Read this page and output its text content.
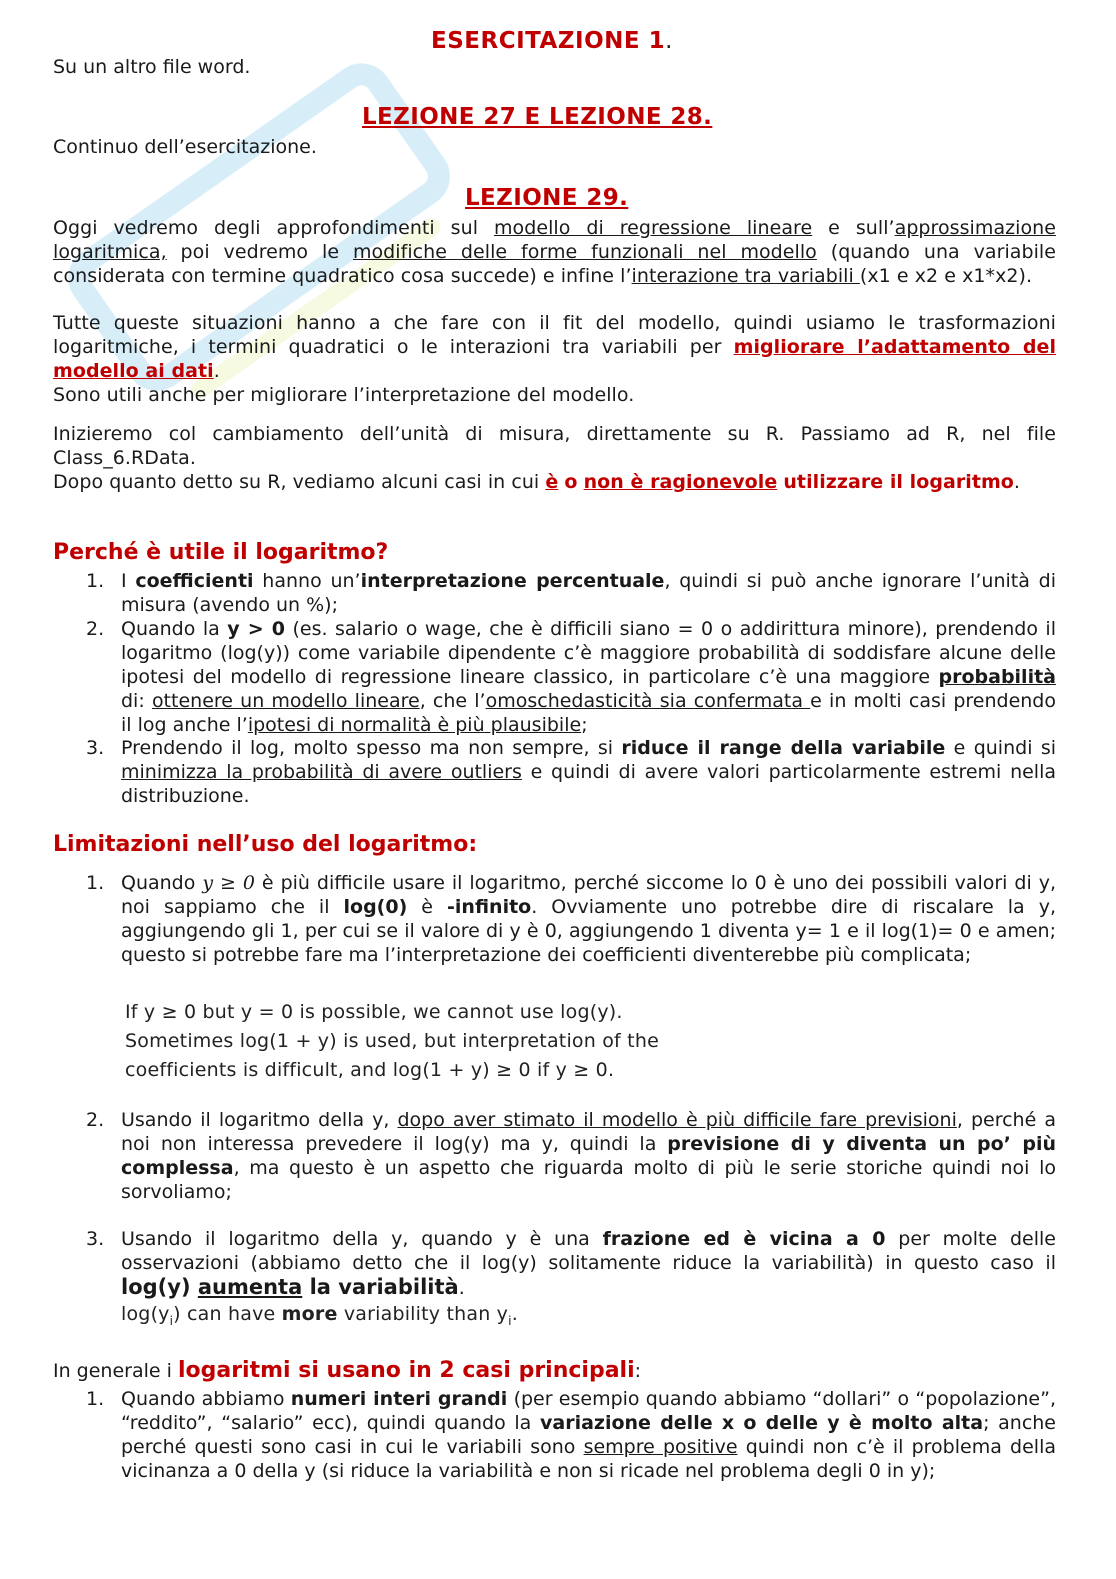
ESERCITAZIONE 1.
Su un altro file word.
LEZIONE 27 E LEZIONE 28.
Continuo dell’esercitazione.
LEZIONE 29.

Oggi vedremo degli approfondimenti sul modello di regressione lineare e sull’approssimazione logaritmica, poi vedremo le modifiche delle forme funzionali nel modello (quando una variabile considerata con termine quadratico cosa succede) e infine l’interazione tra variabili (x1 e x2 e x1*x2).

Tutte queste situazioni hanno a che fare con il fit del modello, quindi usiamo le trasformazioni logaritmiche, i termini quadratici o le interazioni tra variabili per migliorare l’adattamento del modello ai dati.

Sono utili anche per migliorare l’interpretazione del modello.

Inizieremo col cambiamento dell’unità di misura, direttamente su R. Passiamo ad R, nel file Class_6.RData.

Dopo quanto detto su R, vediamo alcuni casi in cui è o non è ragionevole utilizzare il logaritmo.

Perché è utile il logaritmo?
1. I coefficienti hanno un’interpretazione percentuale, quindi si può anche ignorare l’unità di misura (avendo un %);
2. Quando la y > 0 (es. salario o wage, che è difficili siano = 0 o addirittura minore), prendendo il logaritmo (log(y)) come variabile dipendente c’è maggiore probabilità di soddisfare alcune delle ipotesi del modello di regressione lineare classico, in particolare c’è una maggiore probabilità di: ottenere un modello lineare, che l’omoschedasticità sia confermata e in molti casi prendendo il log anche l’ipotesi di normalità è più plausibile;
3. Prendendo il log, molto spesso ma non sempre, si riduce il range della variabile e quindi si minimizza la probabilità di avere outliers e quindi di avere valori particolarmente estremi nella distribuzione.
Limitazioni nell’uso del logaritmo:
1. Quando y ≥ 0 è più difficile usare il logaritmo, perché siccome lo 0 è uno dei possibili valori di y, noi sappiamo che il log(0) è -infinito. Ovviamente uno potrebbe dire di riscalare la y, aggiungendo gli 1, per cui se il valore di y è 0, aggiungendo 1 diventa y= 1 e il log(1)= 0 e amen; questo si potrebbe fare ma l’interpretazione dei coefficienti diventerebbe più complicata;
If y ≥ 0 but y = 0 is possible, we cannot use log(y).
Sometimes log(1 + y) is used, but interpretation of the
coefficients is difficult, and log(1 + y) ≥ 0 if y ≥ 0.
2. Usando il logaritmo della y, dopo aver stimato il modello è più difficile fare previsioni, perché a noi non interessa prevedere il log(y) ma y, quindi la previsione di y diventa un po’ più complessa, ma questo è un aspetto che riguarda molto di più le serie storiche quindi noi lo sorvoliamo;
3. Usando il logaritmo della y, quando y è una frazione ed è vicina a 0 per molte delle osservazioni (abbiamo detto che il log(y) solitamente riduce la variabilità) in questo caso il log(y) aumenta la variabilità.
$\log(y_i)$ can have more variability than $y_i$.
In generale i logaritmi si usano in 2 casi principali:
1. Quando abbiamo numeri interi grandi (per esempio quando abbiamo “dollari” o “popolazione”, “reddito”, “salario” ecc), quindi quando la variazione delle x o delle y è molto alta; anche perché questi sono casi in cui le variabili sono sempre positive quindi non c’è il problema della vicinanza a 0 della y (si riduce la variabilità e non si ricade nel problema degli 0 in y);
